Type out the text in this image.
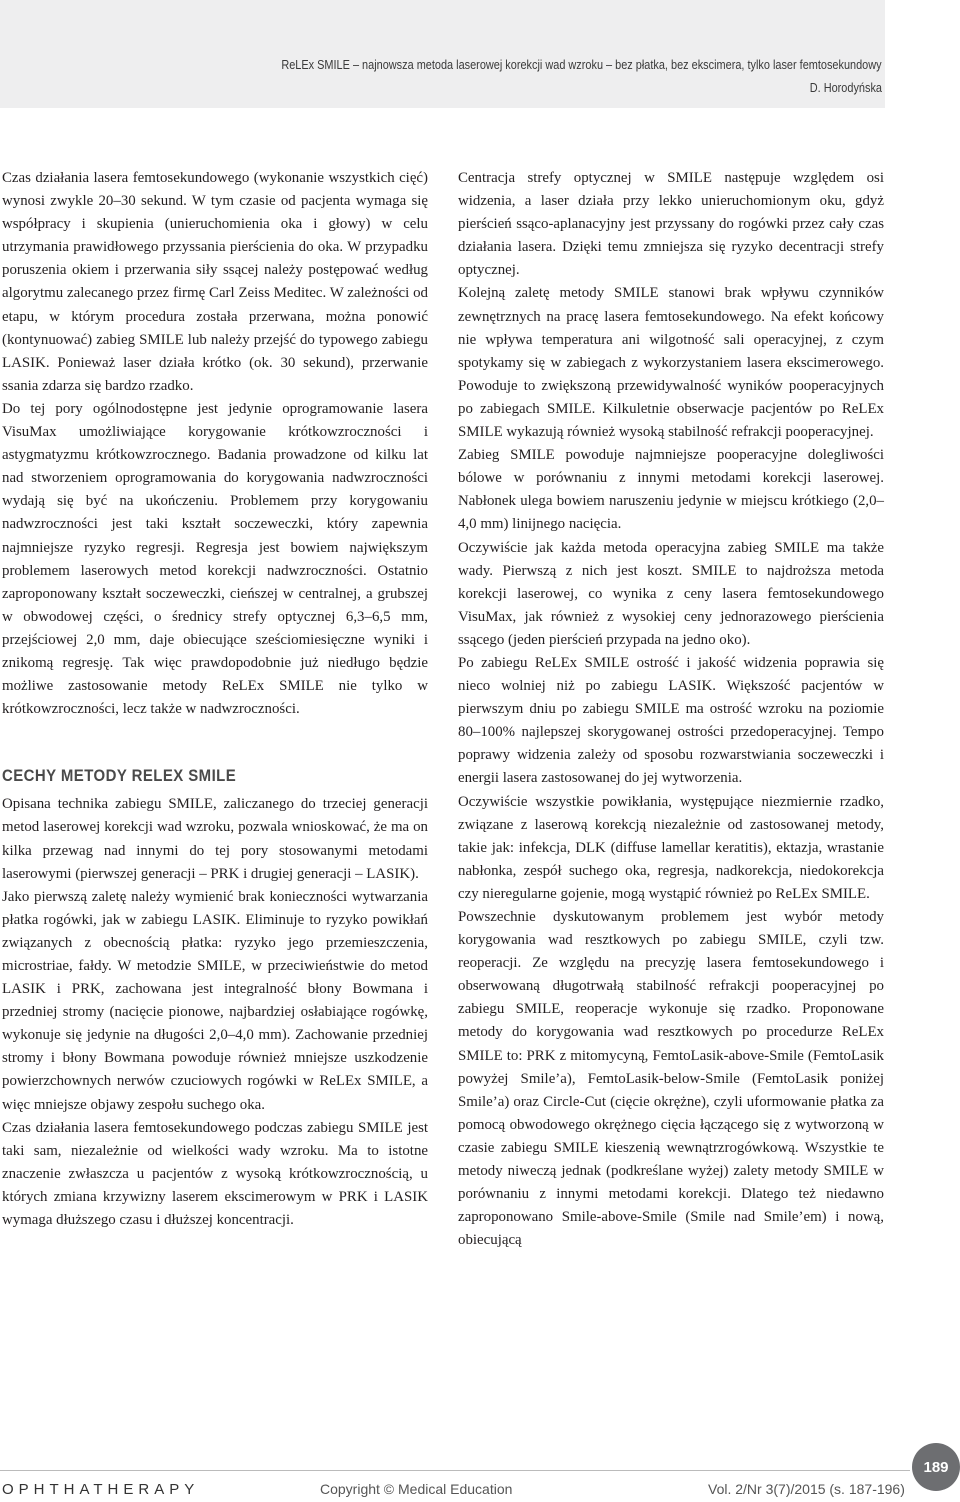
ReLEx SMILE – najnowsza metoda laserowej korekcji wad wzroku – bez płatka, bez ekscimera, tylko laser femtosekundowy
D. Horodyńska

Czas działania lasera femtosekundowego (wykonanie wszystkich cięć) wynosi zwykle 20–30 sekund. W tym czasie od pacjenta wymaga się współpracy i skupienia (unieruchomienia oka i głowy) w celu utrzymania prawidłowego przyssania pierścienia do oka. W przypadku poruszenia okiem i przerwania siły ssącej należy postępować według algorytmu zalecanego przez firmę Carl Zeiss Meditec. W zależności od etapu, w którym procedura została przerwana, można ponowić (kontynuować) zabieg SMILE lub należy przejść do typowego zabiegu LASIK. Ponieważ laser działa krótko (ok. 30 sekund), przerwanie ssania zdarza się bardzo rzadko.

Do tej pory ogólnodostępne jest jedynie oprogramowanie lasera VisuMax umożliwiające korygowanie krótkowzroczności i astygmatyzmu krótkowzrocznego. Badania prowadzone od kilku lat nad stworzeniem oprogramowania do korygowania nadwzroczności wydają się być na ukończeniu. Problemem przy korygowaniu nadwzroczności jest taki kształt soczeweczki, który zapewnia najmniejsze ryzyko regresji. Regresja jest bowiem największym problemem laserowych metod korekcji nadwzroczności. Ostatnio zaproponowany kształt soczeweczki, cieńszej w centralnej, a grubszej w obwodowej części, o średnicy strefy optycznej 6,3–6,5 mm, przejściowej 2,0 mm, daje obiecujące sześciomiesięczne wyniki i znikomą regresję. Tak więc prawdopodobnie już niedługo będzie możliwe zastosowanie metody ReLEx SMILE nie tylko w krótkowzroczności, lecz także w nadwzroczności.

CECHY METODY RELEX SMILE

Opisana technika zabiegu SMILE, zaliczanego do trzeciej generacji metod laserowej korekcji wad wzroku, pozwala wnioskować, że ma on kilka przewag nad innymi do tej pory stosowanymi metodami laserowymi (pierwszej generacji – PRK i drugiej generacji – LASIK).

Jako pierwszą zaletę należy wymienić brak konieczności wytwarzania płatka rogówki, jak w zabiegu LASIK. Eliminuje to ryzyko powikłań związanych z obecnością płatka: ryzyko jego przemieszczenia, microstriae, fałdy. W metodzie SMILE, w przeciwieństwie do metod LASIK i PRK, zachowana jest integralność błony Bowmana i przedniej stromy (nacięcie pionowe, najbardziej osłabiające rogówkę, wykonuje się jedynie na długości 2,0–4,0 mm). Zachowanie przedniej stromy i błony Bowmana powoduje również mniejsze uszkodzenie powierzchownych nerwów czuciowych rogówki w ReLEx SMILE, a więc mniejsze objawy zespołu suchego oka.

Czas działania lasera femtosekundowego podczas zabiegu SMILE jest taki sam, niezależnie od wielkości wady wzroku. Ma to istotne znaczenie zwłaszcza u pacjentów z wysoką krótkowzrocznością, u których zmiana krzywizny laserem ekscimerowym w PRK i LASIK wymaga dłuższego czasu i dłuższej koncentracji.

Centracja strefy optycznej w SMILE następuje względem osi widzenia, a laser działa przy lekko unieruchomionym oku, gdyż pierścień ssąco-aplanacyjny jest przyssany do rogówki przez cały czas działania lasera. Dzięki temu zmniejsza się ryzyko decentracji strefy optycznej.

Kolejną zaletę metody SMILE stanowi brak wpływu czynników zewnętrznych na pracę lasera femtosekundowego. Na efekt końcowy nie wpływa temperatura ani wilgotność sali operacyjnej, z czym spotykamy się w zabiegach z wykorzystaniem lasera ekscimerowego. Powoduje to zwiększoną przewidywalność wyników pooperacyjnych po zabiegach SMILE. Kilkuletnie obserwacje pacjentów po ReLEx SMILE wykazują również wysoką stabilność refrakcji pooperacyjnej.

Zabieg SMILE powoduje najmniejsze pooperacyjne dolegliwości bólowe w porównaniu z innymi metodami korekcji laserowej. Nabłonek ulega bowiem naruszeniu jedynie w miejscu krótkiego (2,0–4,0 mm) linijnego nacięcia.

Oczywiście jak każda metoda operacyjna zabieg SMILE ma także wady. Pierwszą z nich jest koszt. SMILE to najdroższa metoda korekcji laserowej, co wynika z ceny lasera femtosekundowego VisuMax, jak również z wysokiej ceny jednorazowego pierścienia ssącego (jeden pierścień przypada na jedno oko).

Po zabiegu ReLEx SMILE ostrość i jakość widzenia poprawia się nieco wolniej niż po zabiegu LASIK. Większość pacjentów w pierwszym dniu po zabiegu SMILE ma ostrość wzroku na poziomie 80–100% najlepszej skorygowanej ostrości przedoperacyjnej. Tempo poprawy widzenia zależy od sposobu rozwarstwiania soczeweczki i energii lasera zastosowanej do jej wytworzenia.

Oczywiście wszystkie powikłania, występujące niezmiernie rzadko, związane z laserową korekcją niezależnie od zastosowanej metody, takie jak: infekcja, DLK (diffuse lamellar keratitis), ektazja, wrastanie nabłonka, zespół suchego oka, regresja, nadkorekcja, niedokorekcja czy nieregularne gojenie, mogą wystąpić również po ReLEx SMILE.

Powszechnie dyskutowanym problemem jest wybór metody korygowania wad resztkowych po zabiegu SMILE, czyli tzw. reoperacji. Ze względu na precyzję lasera femtosekundowego i obserwowaną długotrwałą stabilność refrakcji pooperacyjnej po zabiegu SMILE, reoperacje wykonuje się rzadko. Proponowane metody do korygowania wad resztkowych po procedurze ReLEx SMILE to: PRK z mitomycyną, FemtoLasik-above-Smile (FemtoLasik powyżej Smile’a), FemtoLasik-below-Smile (FemtoLasik poniżej Smile’a) oraz Circle-Cut (cięcie okrężne), czyli uformowanie płatka za pomocą obwodowego okrężnego cięcia łączącego się z wytworzoną w czasie zabiegu SMILE kieszenią wewnątrzrogówkową. Wszystkie te metody niweczą jednak (podkreślane wyżej) zalety metody SMILE w porównaniu z innymi metodami korekcji. Dlatego też niedawno zaproponowano Smile-above-Smile (Smile nad Smile’em) i nową, obiecującą

189
OPHTHATHERAPY	Copyright © Medical Education	Vol. 2/Nr 3(7)/2015 (s. 187-196)
